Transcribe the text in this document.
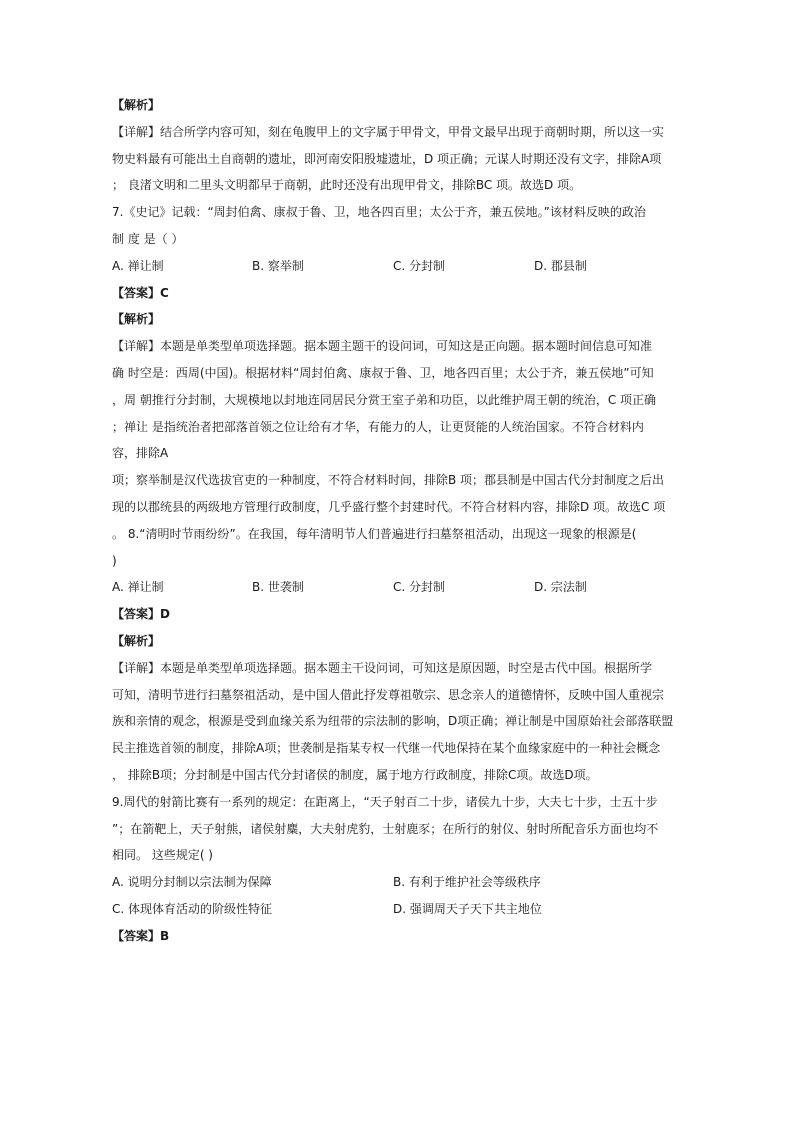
【解析】
【详解】结合所学内容可知，刻在龟腹甲上的文字属于甲骨文，甲骨文最早出现于商朝时期，所以这一实
物史料最有可能出土自商朝的遗址，即河南安阳殷墟遗址，D 项正确；元谋人时期还没有文字，排除A项
； 良渚文明和二里头文明都早于商朝，此时还没有出现甲骨文，排除BC 项。故选D 项。
7.《史记》记载：“周封伯禽、康叔于鲁、卫，地各四百里；太公于齐，兼五侯地。”该材料反映的政治
制 度 是（ ）
A. 禅让制	B. 察举制	C. 分封制	D. 郡县制
【答案】C
【解析】
【详解】本题是单类型单项选择题。据本题主题干的设问词，可知这是正向题。据本题时间信息可知准
确 时空是：西周(中国)。根据材料“周封伯禽、康叔于鲁、卫，地各四百里；太公于齐，兼五侯地”可知
，周 朝推行分封制，大规模地以封地连同居民分赏王室子弟和功臣，以此维护周王朝的统治，C 项正确
；禅让 是指统治者把部落首领之位让给有才华，有能力的人，让更贤能的人统治国家。不符合材料内
容，排除A
项；察举制是汉代选拔官吏的一种制度，不符合材料时间，排除B 项；郡县制是中国古代分封制度之后出
现的以郡统县的两级地方管理行政制度，几乎盛行整个封建时代。不符合材料内容，排除D 项。故选C 项
。 8.“清明时节雨纷纷”。在我国，每年清明节人们普遍进行扫墓祭祖活动，出现这一现象的根源是(
)
A. 禅让制	B. 世袭制	C. 分封制	D. 宗法制
【答案】D
【解析】
【详解】本题是单类型单项选择题。据本题主干设问词，可知这是原因题，时空是古代中国。根据所学
可知，清明节进行扫墓祭祖活动，是中国人借此抒发尊祖敬宗、思念亲人的道德情怀，反映中国人重视宗
族和亲情的观念，根源是受到血缘关系为纽带的宗法制的影响，D项正确；禅让制是中国原始社会部落联盟
民主推选首领的制度，排除A项；世袭制是指某专权一代继一代地保持在某个血缘家庭中的一种社会概念
， 排除B项；分封制是中国古代分封诸侯的制度，属于地方行政制度，排除C项。故选D项。
9.周代的射箭比赛有一系列的规定：在距离上，“天子射百二十步，诸侯九十步，大夫七十步，士五十步
”；在箭靶上，天子射熊，诸侯射麋，大夫射虎豹，士射鹿豕；在所行的射仪、射时所配音乐方面也均不
相同。 这些规定( )
A. 说明分封制以宗法制为保障	B. 有利于维护社会等级秩序
C. 体现体育活动的阶级性特征	D. 强调周天子天下共主地位
【答案】B
